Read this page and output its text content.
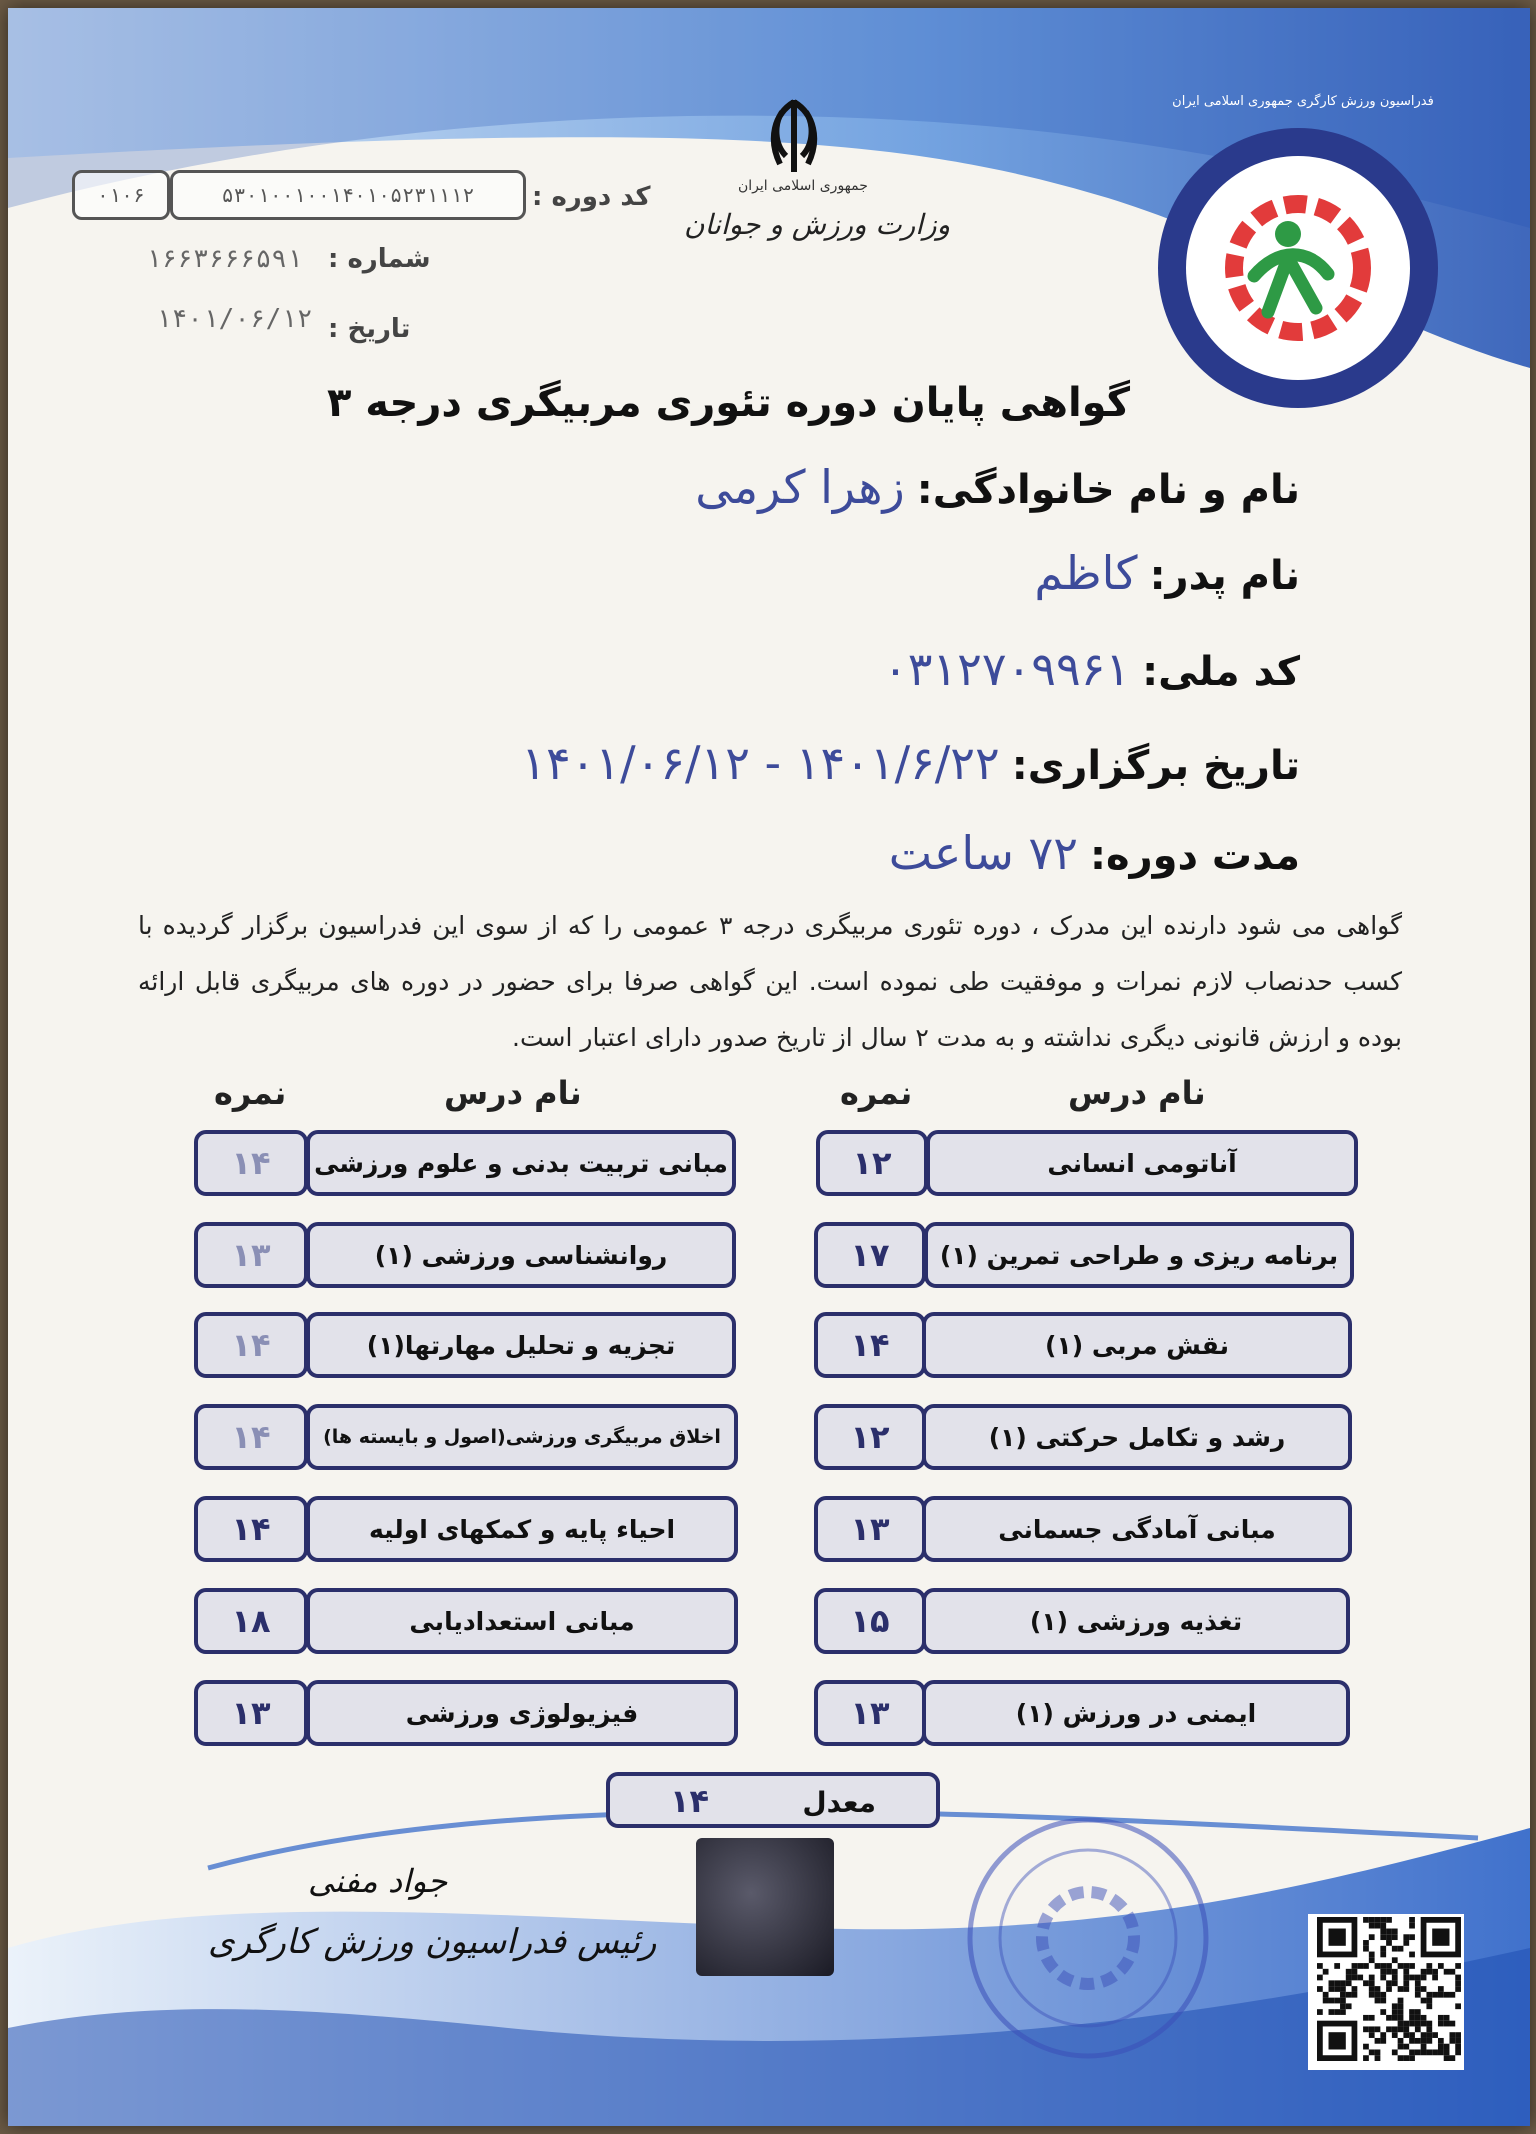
جمهوری اسلامی ایران
وزارت ورزش و جوانان
فدراسیون ورزش کارگری جمهوری اسلامی ایران
کد دوره :
۵۳۰۱۰۰۱۰۰۱۴۰۱۰۵۲۳۱۱۱۲
۰۱۰۶
شماره :
۱۶۶۳۶۶۶۵۹۱
تاریخ :
۱۴۰۱/۰۶/۱۲
گواهی پایان دوره تئوری مربیگری درجه ۳
نام و نام خانوادگی:زهرا کرمی
نام پدر:کاظم
کد ملی:۰۳۱۲۷۰۹۹۶۱
تاریخ برگزاری:۱۴۰۱/۶/۲۲ - ۱۴۰۱/۰۶/۱۲
مدت دوره:۷۲ ساعت
گواهی می شود دارنده این مدرک ، دوره تئوری مربیگری درجه ۳ عمومی را که از سوی این فدراسیون برگزار گردیده با کسب حدنصاب لازم نمرات و موفقیت طی نموده است. این گواهی صرفا برای حضور در دوره های مربیگری قابل ارائه بوده و ارزش قانونی دیگری نداشته و به مدت ۲ سال از تاریخ صدور دارای اعتبار است.
نام درس
نمره
نام درس
نمره
آناتومی انسانی
۱۲
برنامه ریزی و طراحی تمرین (۱)
۱۷
نقش مربی (۱)
۱۴
رشد و تکامل حرکتی (۱)
۱۲
مبانی آمادگی جسمانی
۱۳
تغذیه ورزشی (۱)
۱۵
ایمنی در ورزش (۱)
۱۳
مبانی تربیت بدنی و علوم ورزشی
۱۴
روانشناسی ورزشی (۱)
۱۳
تجزیه و تحلیل مهارتها(۱)
۱۴
اخلاق مربیگری ورزشی(اصول و بایسته ها)
۱۴
احیاء پایه و کمکهای اولیه
۱۴
مبانی استعدادیابی
۱۸
فیزیولوژی ورزشی
۱۳
معدل
۱۴
جواد مفنی
رئیس فدراسیون ورزش کارگری
